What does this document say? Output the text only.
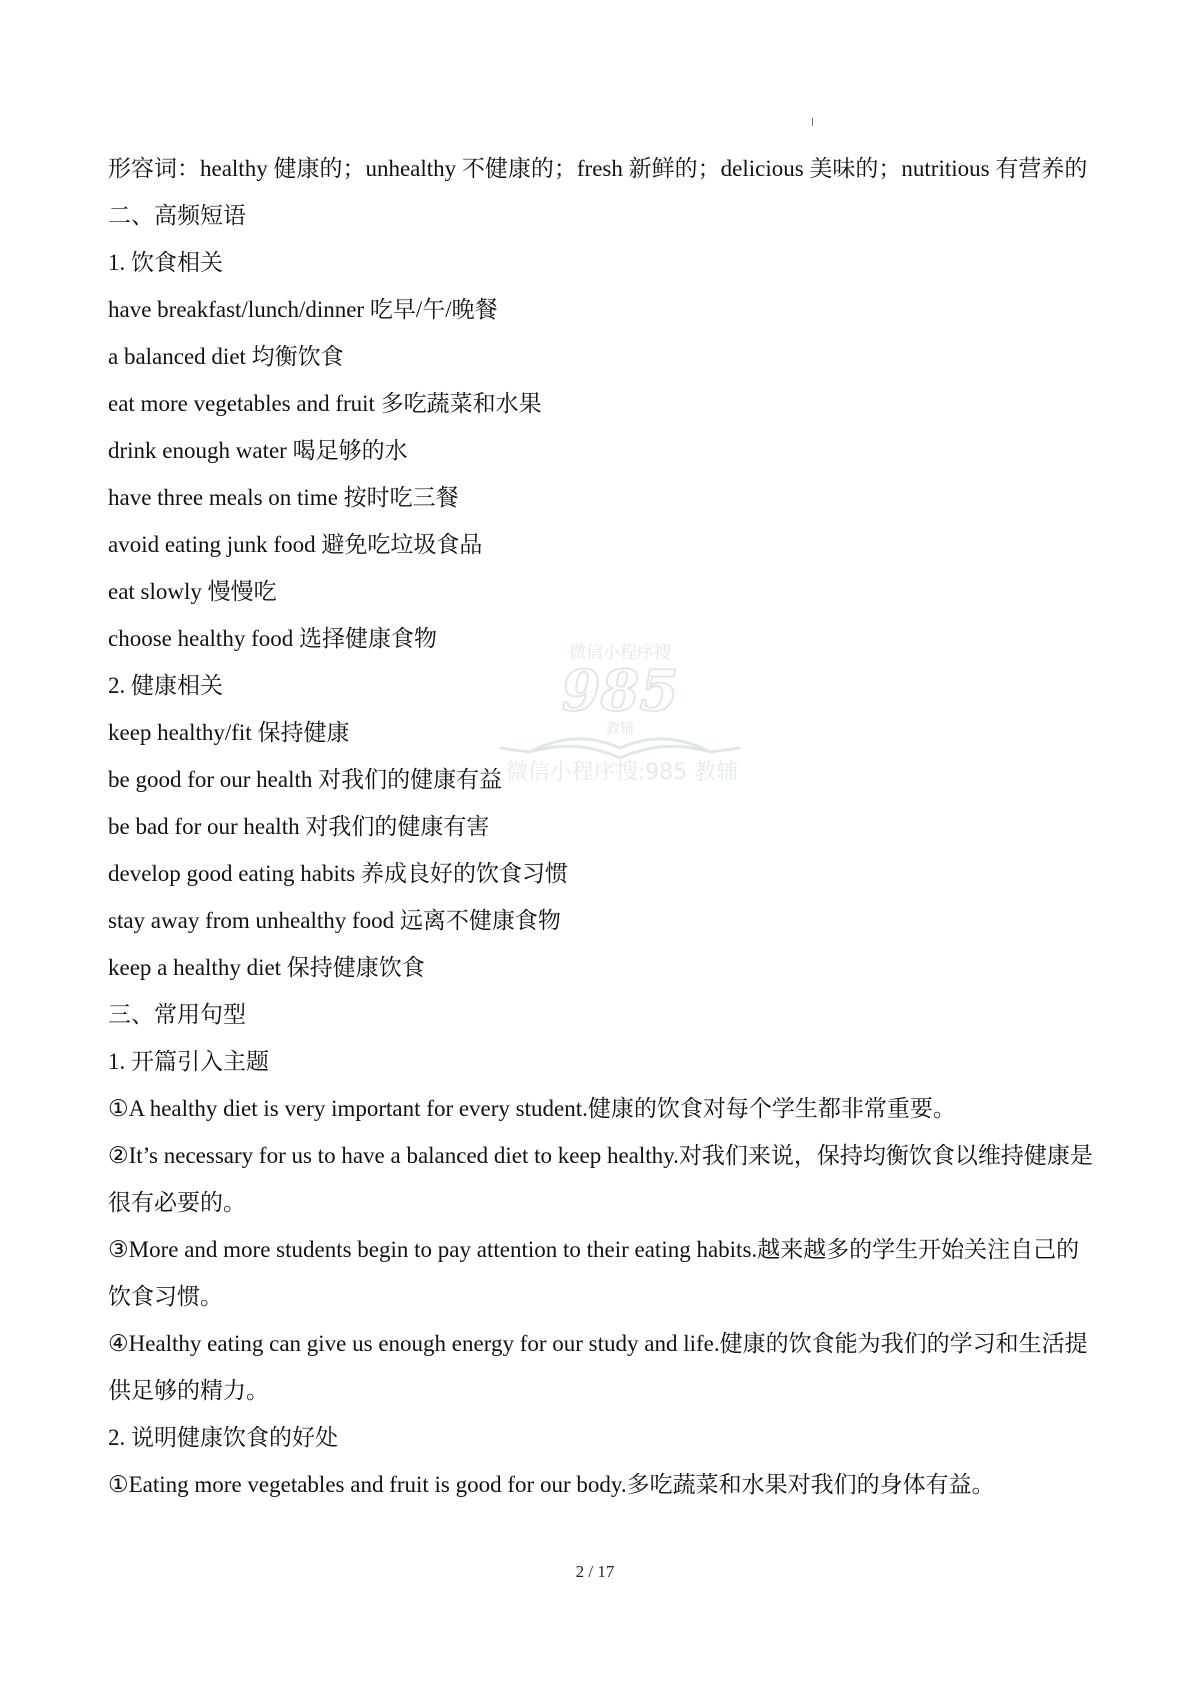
微信小程序搜
985
教辅
微信小程序搜:985 教辅

形容词：healthy 健康的；unhealthy 不健康的；fresh 新鲜的；delicious 美味的；nutritious 有营养的

二、高频短语

1. 饮食相关

have breakfast/lunch/dinner 吃早/午/晚餐

a balanced diet 均衡饮食

eat more vegetables and fruit 多吃蔬菜和水果

drink enough water 喝足够的水

have three meals on time 按时吃三餐

avoid eating junk food 避免吃垃圾食品

eat slowly 慢慢吃

choose healthy food 选择健康食物

2. 健康相关

keep healthy/fit 保持健康

be good for our health 对我们的健康有益

be bad for our health 对我们的健康有害

develop good eating habits 养成良好的饮食习惯

stay away from unhealthy food 远离不健康食物

keep a healthy diet 保持健康饮食

三、常用句型

1. 开篇引入主题

①A healthy diet is very important for every student.健康的饮食对每个学生都非常重要。

②It’s necessary for us to have a balanced diet to keep healthy.对我们来说，保持均衡饮食以维持健康是很有必要的。

③More and more students begin to pay attention to their eating habits.越来越多的学生开始关注自己的饮食习惯。

④Healthy eating can give us enough energy for our study and life.健康的饮食能为我们的学习和生活提供足够的精力。

2. 说明健康饮食的好处

①Eating more vegetables and fruit is good for our body.多吃蔬菜和水果对我们的身体有益。

2 / 17
